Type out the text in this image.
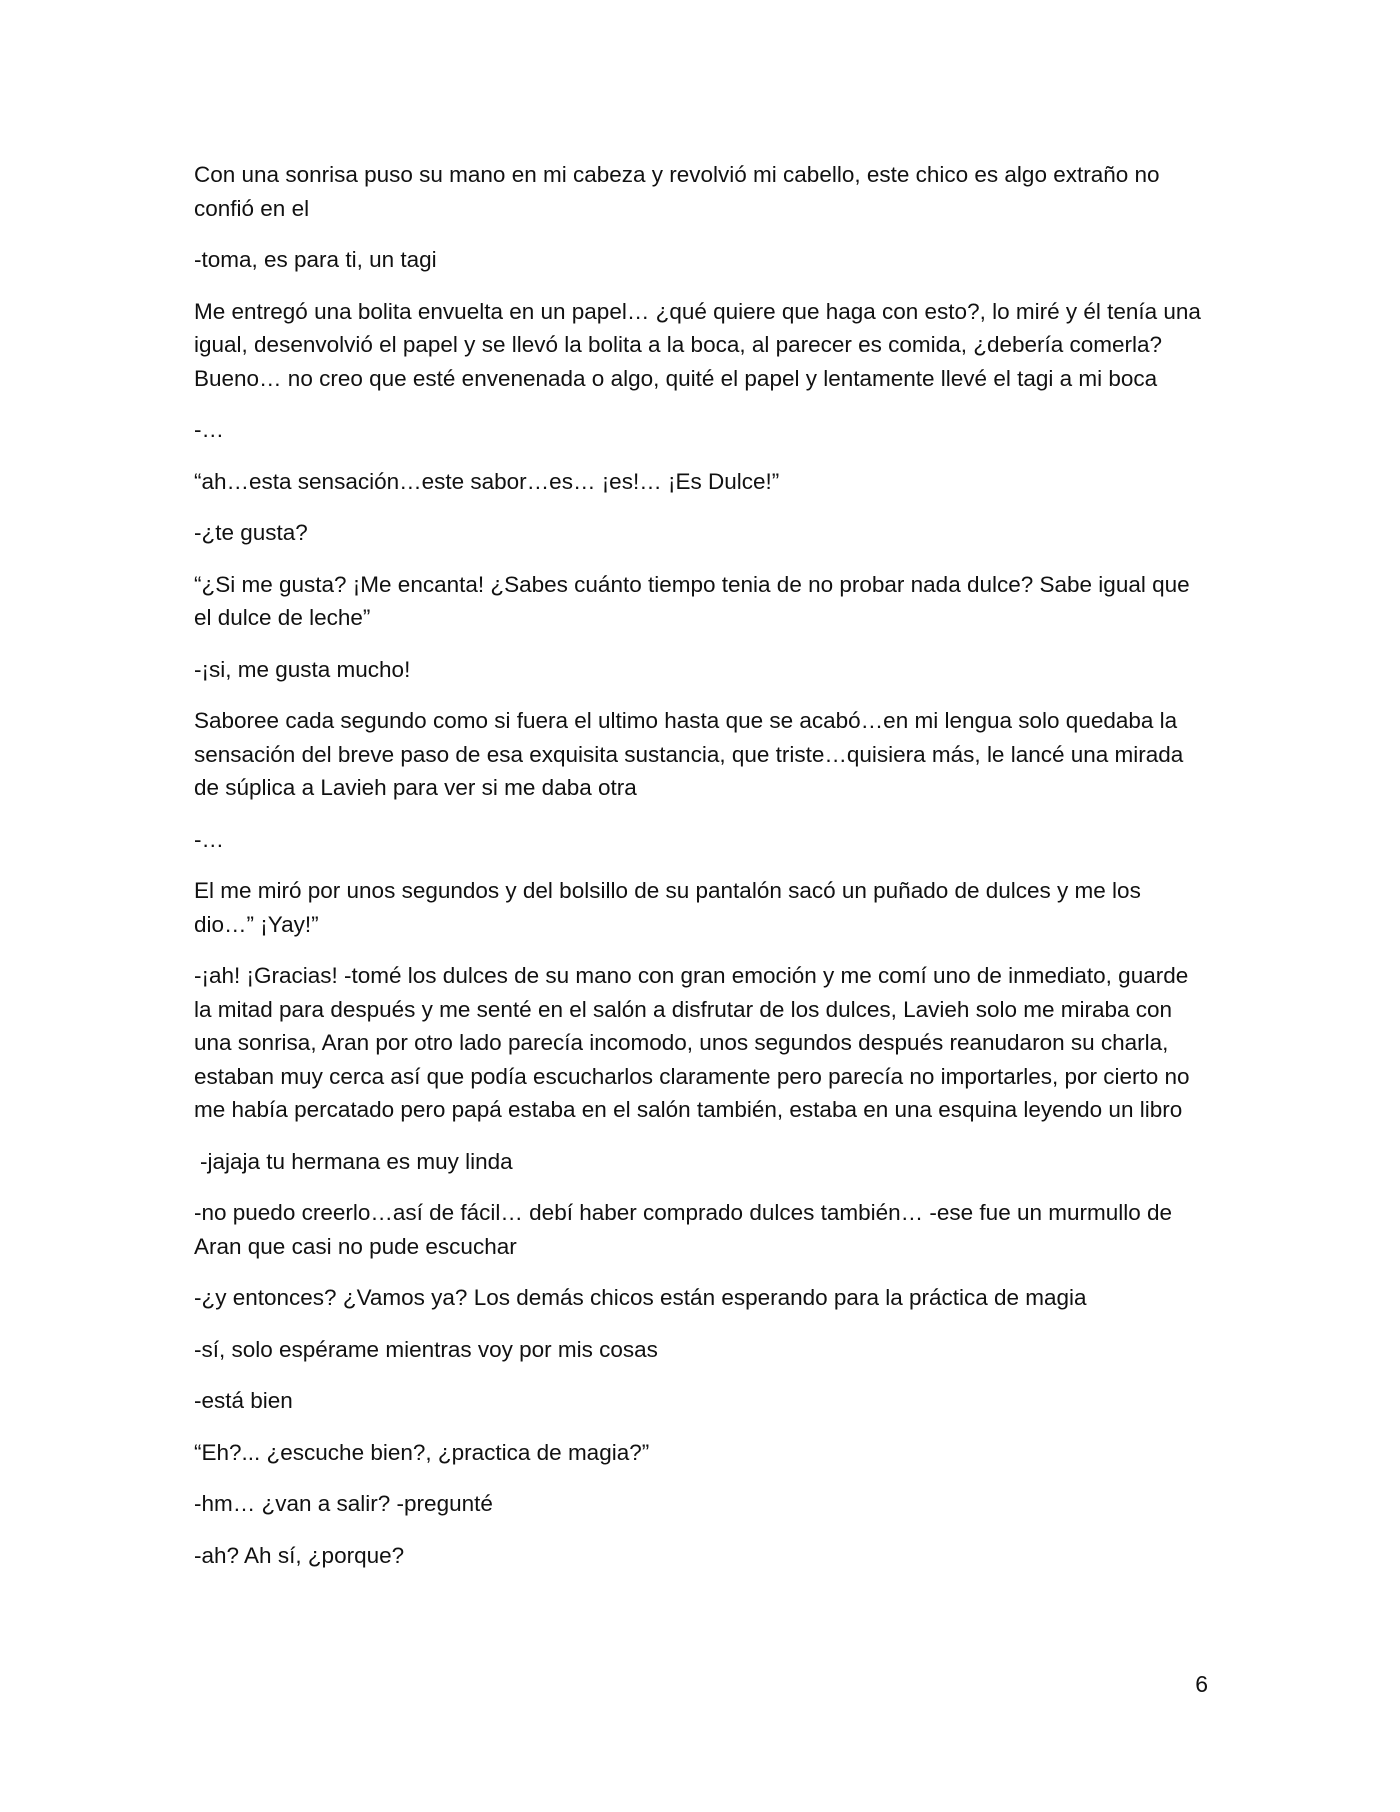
Con una sonrisa puso su mano en mi cabeza y revolvió mi cabello, este chico es algo extraño no confió en el

-toma, es para ti, un tagi

Me entregó una bolita envuelta en un papel… ¿qué quiere que haga con esto?, lo miré y él tenía una igual, desenvolvió el papel y se llevó la bolita a la boca, al parecer es comida, ¿debería comerla? Bueno… no creo que esté envenenada o algo, quité el papel y lentamente llevé el tagi a mi boca

-…

“ah…esta sensación…este sabor…es… ¡es!… ¡Es Dulce!”

-¿te gusta?

“¿Si me gusta? ¡Me encanta! ¿Sabes cuánto tiempo tenia de no probar nada dulce? Sabe igual que el dulce de leche”

-¡si, me gusta mucho!

Saboree cada segundo como si fuera el ultimo hasta que se acabó…en mi lengua solo quedaba la sensación del breve paso de esa exquisita sustancia, que triste…quisiera más, le lancé una mirada de súplica a Lavieh para ver si me daba otra

-…

El me miró por unos segundos y del bolsillo de su pantalón sacó un puñado de dulces y me los dio…” ¡Yay!”

-¡ah! ¡Gracias! -tomé los dulces de su mano con gran emoción y me comí uno de inmediato, guarde la mitad para después y me senté en el salón a disfrutar de los dulces, Lavieh solo me miraba con una sonrisa, Aran por otro lado parecía incomodo, unos segundos después reanudaron su charla, estaban muy cerca así que podía escucharlos claramente pero parecía no importarles, por cierto no me había percatado pero papá estaba en el salón también, estaba en una esquina leyendo un libro

-jajaja tu hermana es muy linda

-no puedo creerlo…así de fácil… debí haber comprado dulces también… -ese fue un murmullo de Aran que casi no pude escuchar

-¿y entonces? ¿Vamos ya? Los demás chicos están esperando para la práctica de magia

-sí, solo espérame mientras voy por mis cosas

-está bien

“Eh?... ¿escuche bien?, ¿practica de magia?”

-hm… ¿van a salir? -pregunté

-ah? Ah sí, ¿porque?

6
